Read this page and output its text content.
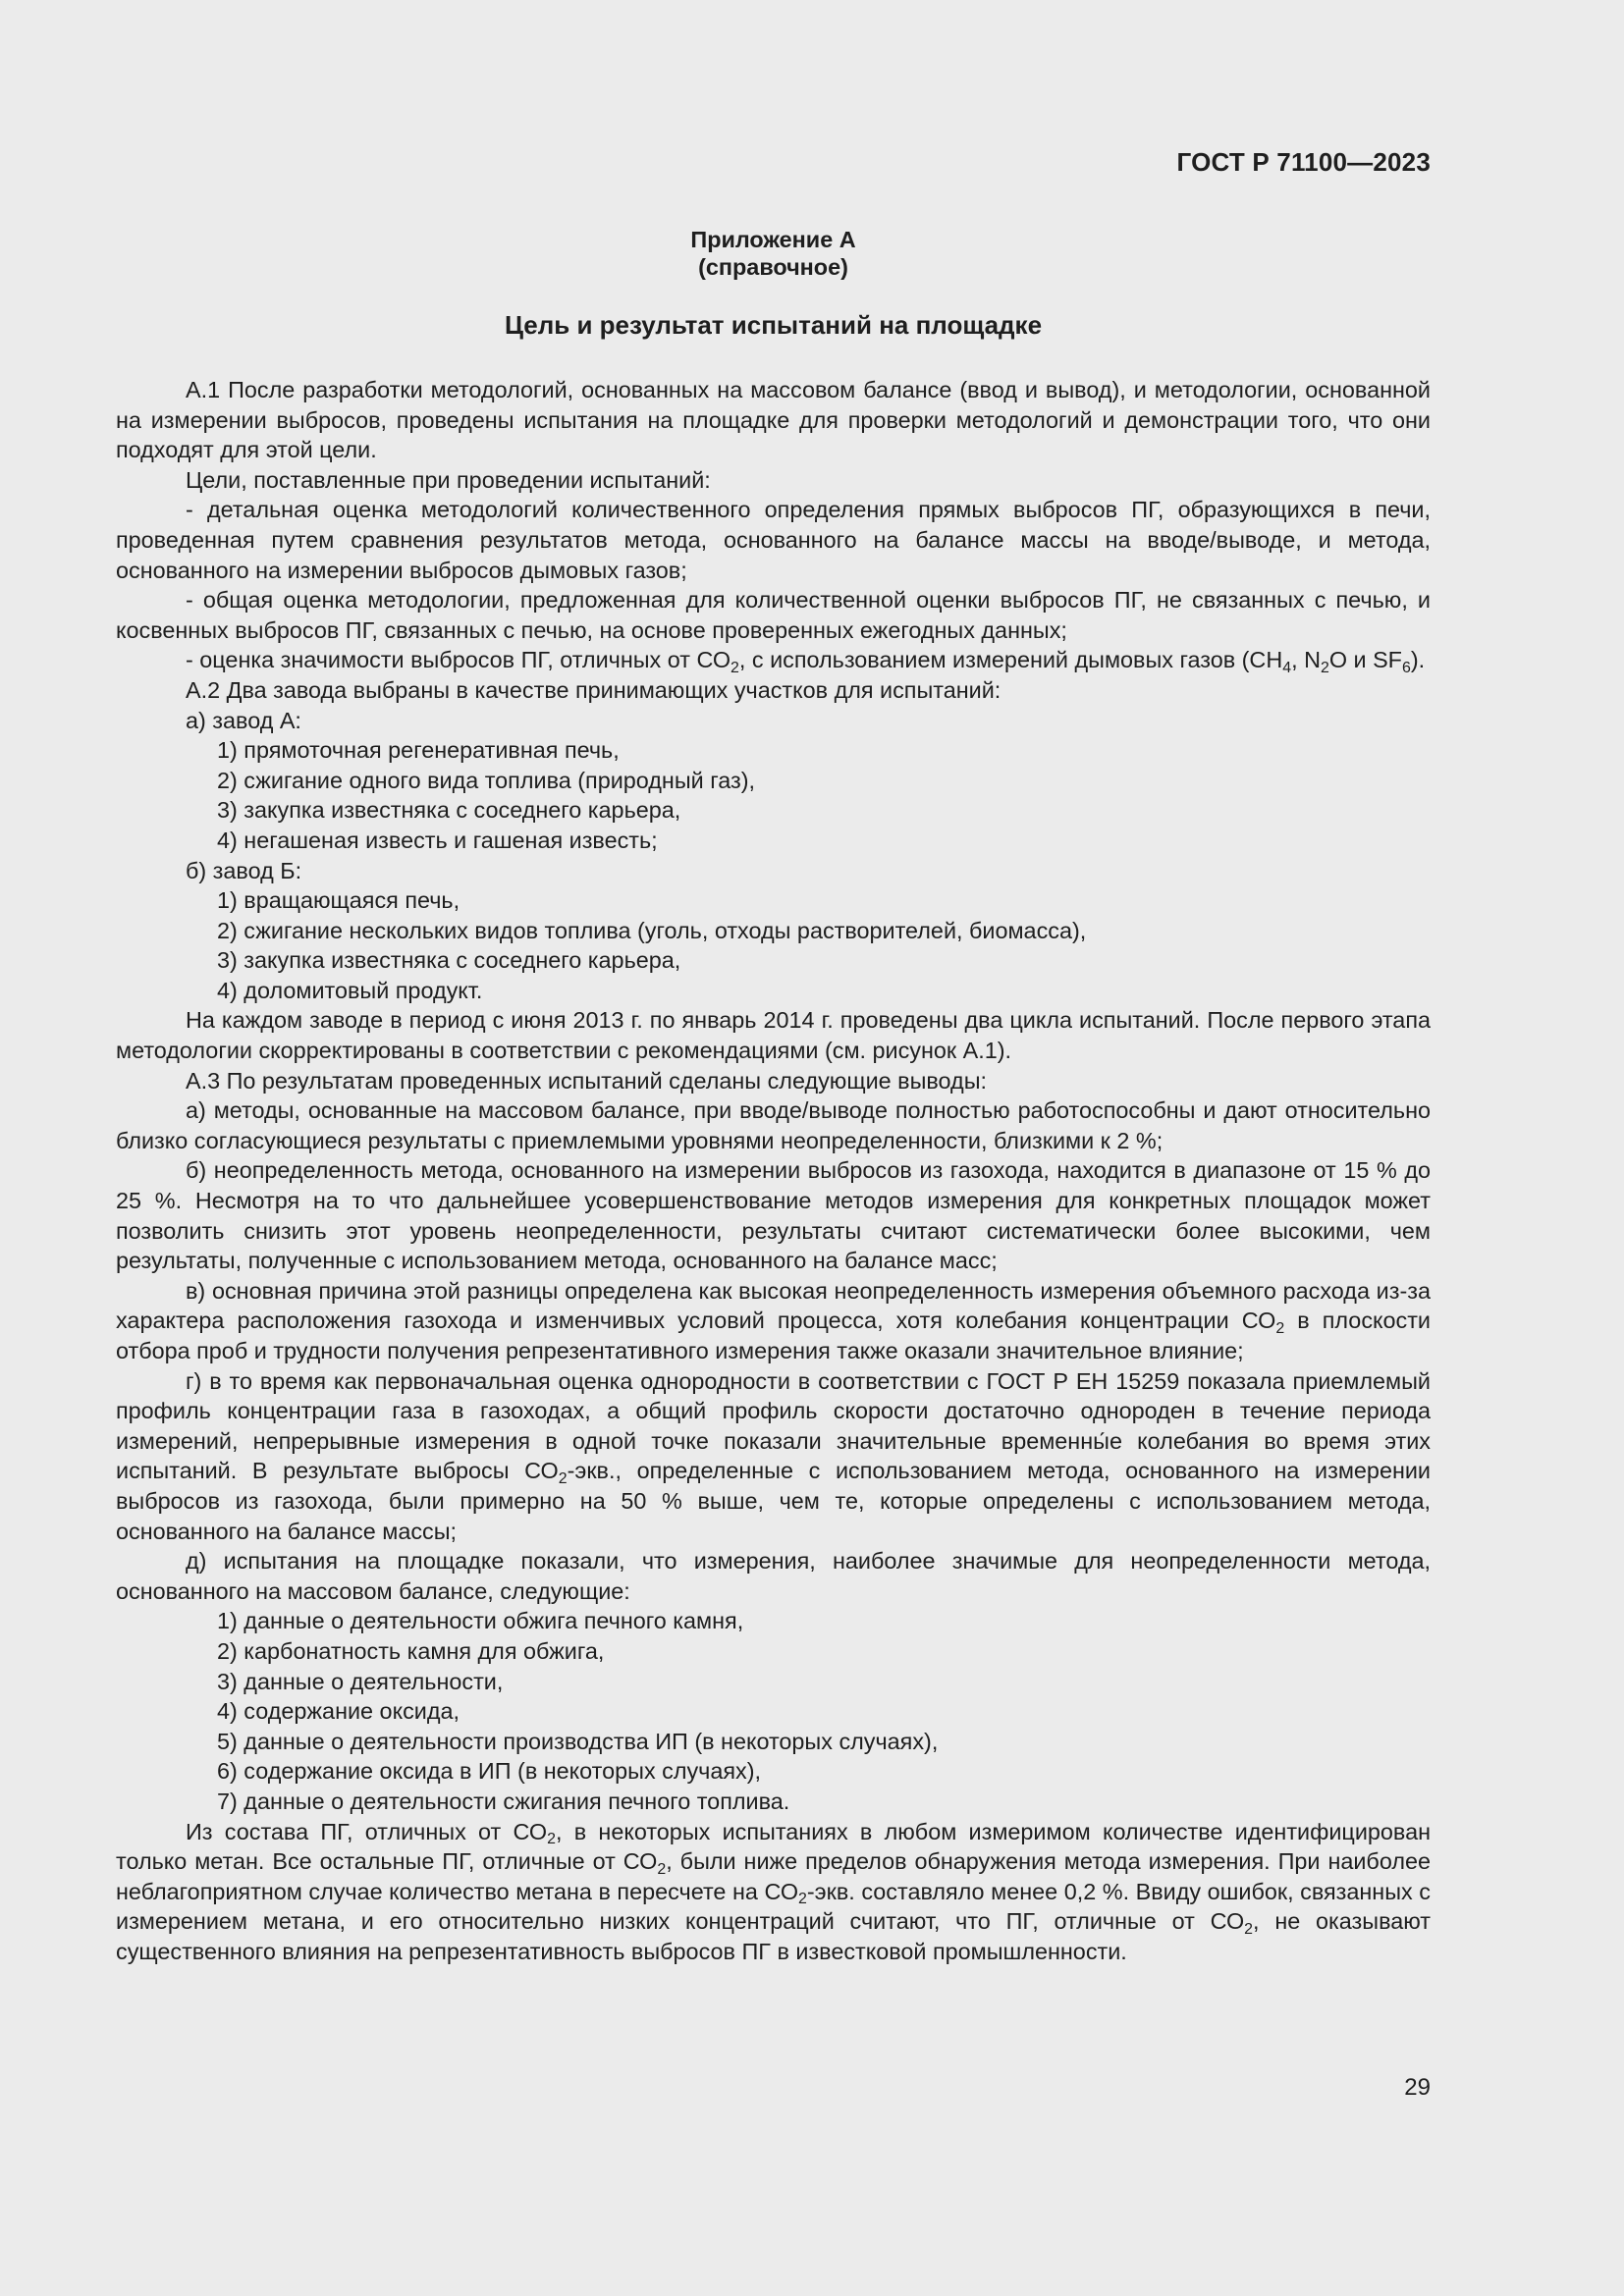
ГОСТ Р 71100—2023

Приложение А

(справочное)

Цель и результат испытаний на площадке

А.1 После разработки методологий, основанных на массовом балансе (ввод и вывод), и методологии, основанной на измерении выбросов, проведены испытания на площадке для проверки методологий и демонстрации того, что они подходят для этой цели.

Цели, поставленные при проведении испытаний:

- детальная оценка методологий количественного определения прямых выбросов ПГ, образующихся в печи, проведенная путем сравнения результатов метода, основанного на балансе массы на вводе/выводе, и метода, основанного на измерении выбросов дымовых газов;

- общая оценка методологии, предложенная для количественной оценки выбросов ПГ, не связанных с печью, и косвенных выбросов ПГ, связанных с печью, на основе проверенных ежегодных данных;

- оценка значимости выбросов ПГ, отличных от $СО_2$, с использованием измерений дымовых газов ($СН_4$, $N_2О$ и $SF_6$).

А.2 Два завода выбраны в качестве принимающих участков для испытаний:

а) завод А:

1) прямоточная регенеративная печь,

2) сжигание одного вида топлива (природный газ),

3) закупка известняка с соседнего карьера,

4) негашеная известь и гашеная известь;

б) завод Б:

1) вращающаяся печь,

2) сжигание нескольких видов топлива (уголь, отходы растворителей, биомасса),

3) закупка известняка с соседнего карьера,

4) доломитовый продукт.

На каждом заводе в период с июня 2013 г. по январь 2014 г. проведены два цикла испытаний. После первого этапа методологии скорректированы в соответствии с рекомендациями (см. рисунок А.1).

А.3 По результатам проведенных испытаний сделаны следующие выводы:

а) методы, основанные на массовом балансе, при вводе/выводе полностью работоспособны и дают относительно близко согласующиеся результаты с приемлемыми уровнями неопределенности, близкими к 2 %;

б) неопределенность метода, основанного на измерении выбросов из газохода, находится в диапазоне от 15 % до 25 %. Несмотря на то что дальнейшее усовершенствование методов измерения для конкретных площадок может позволить снизить этот уровень неопределенности, результаты считают систематически более высокими, чем результаты, полученные с использованием метода, основанного на балансе масс;

в) основная причина этой разницы определена как высокая неопределенность измерения объемного расхода из-за характера расположения газохода и изменчивых условий процесса, хотя колебания концентрации $СО_2$ в плоскости отбора проб и трудности получения репрезентативного измерения также оказали значительное влияние;

г) в то время как первоначальная оценка однородности в соответствии с ГОСТ Р ЕН 15259 показала приемлемый профиль концентрации газа в газоходах, а общий профиль скорости достаточно однороден в течение периода измерений, непрерывные измерения в одной точке показали значительные временны́е колебания во время этих испытаний. В результате выбросы $СО_2$-экв., определенные с использованием метода, основанного на измерении выбросов из газохода, были примерно на 50 % выше, чем те, которые определены с использованием метода, основанного на балансе массы;

д) испытания на площадке показали, что измерения, наиболее значимые для неопределенности метода, основанного на массовом балансе, следующие:

1) данные о деятельности обжига печного камня,

2) карбонатность камня для обжига,

3) данные о деятельности,

4) содержание оксида,

5) данные о деятельности производства ИП (в некоторых случаях),

6) содержание оксида в ИП (в некоторых случаях),

7) данные о деятельности сжигания печного топлива.

Из состава ПГ, отличных от $СО_2$, в некоторых испытаниях в любом измеримом количестве идентифицирован только метан. Все остальные ПГ, отличные от $СО_2$, были ниже пределов обнаружения метода измерения. При наиболее неблагоприятном случае количество метана в пересчете на $СО_2$-экв. составляло менее 0,2 %. Ввиду ошибок, связанных с измерением метана, и его относительно низких концентраций считают, что ПГ, отличные от $СО_2$, не оказывают существенного влияния на репрезентативность выбросов ПГ в известковой промышленности.

29
